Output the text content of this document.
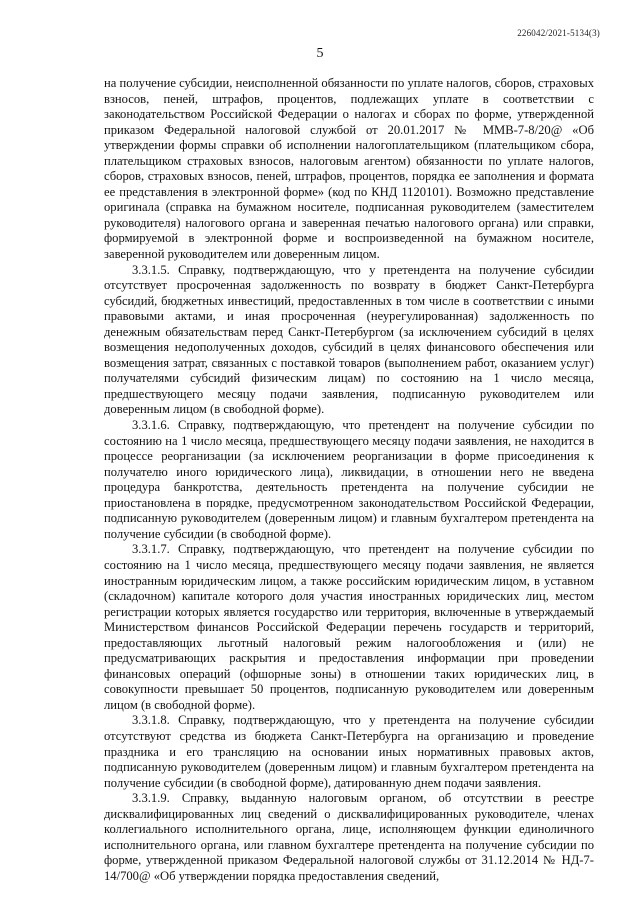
226042/2021-5134(3)
5

на получение субсидии, неисполненной обязанности по уплате налогов, сборов, страховых взносов, пеней, штрафов, процентов, подлежащих уплате в соответствии с законодательством Российской Федерации о налогах и сборах по форме, утвержденной приказом Федеральной налоговой службой от 20.01.2017 № ММВ-7-8/20@ «Об утверждении формы справки об исполнении налогоплательщиком (плательщиком сбора, плательщиком страховых взносов, налоговым агентом) обязанности по уплате налогов, сборов, страховых взносов, пеней, штрафов, процентов, порядка ее заполнения и формата ее представления в электронной форме» (код по КНД 1120101). Возможно представление оригинала (справка на бумажном носителе, подписанная руководителем (заместителем руководителя) налогового органа и заверенная печатью налогового органа) или справки, формируемой в электронной форме и воспроизведенной на бумажном носителе, заверенной руководителем или доверенным лицом.

3.3.1.5. Справку, подтверждающую, что у претендента на получение субсидии отсутствует просроченная задолженность по возврату в бюджет Санкт-Петербурга субсидий, бюджетных инвестиций, предоставленных в том числе в соответствии с иными правовыми актами, и иная просроченная (неурегулированная) задолженность по денежным обязательствам перед Санкт-Петербургом (за исключением субсидий в целях возмещения недополученных доходов, субсидий в целях финансового обеспечения или возмещения затрат, связанных с поставкой товаров (выполнением работ, оказанием услуг) получателями субсидий физическим лицам) по состоянию на 1 число месяца, предшествующего месяцу подачи заявления, подписанную руководителем или доверенным лицом (в свободной форме).

3.3.1.6. Справку, подтверждающую, что претендент на получение субсидии по состоянию на 1 число месяца, предшествующего месяцу подачи заявления, не находится в процессе реорганизации (за исключением реорганизации в форме присоединения к получателю иного юридического лица), ликвидации, в отношении него не введена процедура банкротства, деятельность претендента на получение субсидии не приостановлена в порядке, предусмотренном законодательством Российской Федерации, подписанную руководителем (доверенным лицом) и главным бухгалтером претендента на получение субсидии (в свободной форме).

3.3.1.7. Справку, подтверждающую, что претендент на получение субсидии по состоянию на 1 число месяца, предшествующего месяцу подачи заявления, не является иностранным юридическим лицом, а также российским юридическим лицом, в уставном (складочном) капитале которого доля участия иностранных юридических лиц, местом регистрации которых является государство или территория, включенные в утверждаемый Министерством финансов Российской Федерации перечень государств и территорий, предоставляющих льготный налоговый режим налогообложения и (или) не предусматривающих раскрытия и предоставления информации при проведении финансовых операций (офшорные зоны) в отношении таких юридических лиц, в совокупности превышает 50 процентов, подписанную руководителем или доверенным лицом (в свободной форме).

3.3.1.8. Справку, подтверждающую, что у претендента на получение субсидии отсутствуют средства из бюджета Санкт-Петербурга на организацию и проведение праздника и его трансляцию на основании иных нормативных правовых актов, подписанную руководителем (доверенным лицом) и главным бухгалтером претендента на получение субсидии (в свободной форме), датированную днем подачи заявления.

3.3.1.9. Справку, выданную налоговым органом, об отсутствии в реестре дисквалифицированных лиц сведений о дисквалифицированных руководителе, членах коллегиального исполнительного органа, лице, исполняющем функции единоличного исполнительного органа, или главном бухгалтере претендента на получение субсидии по форме, утвержденной приказом Федеральной налоговой службы от 31.12.2014 № НД-7-14/700@ «Об утверждении порядка предоставления сведений,
